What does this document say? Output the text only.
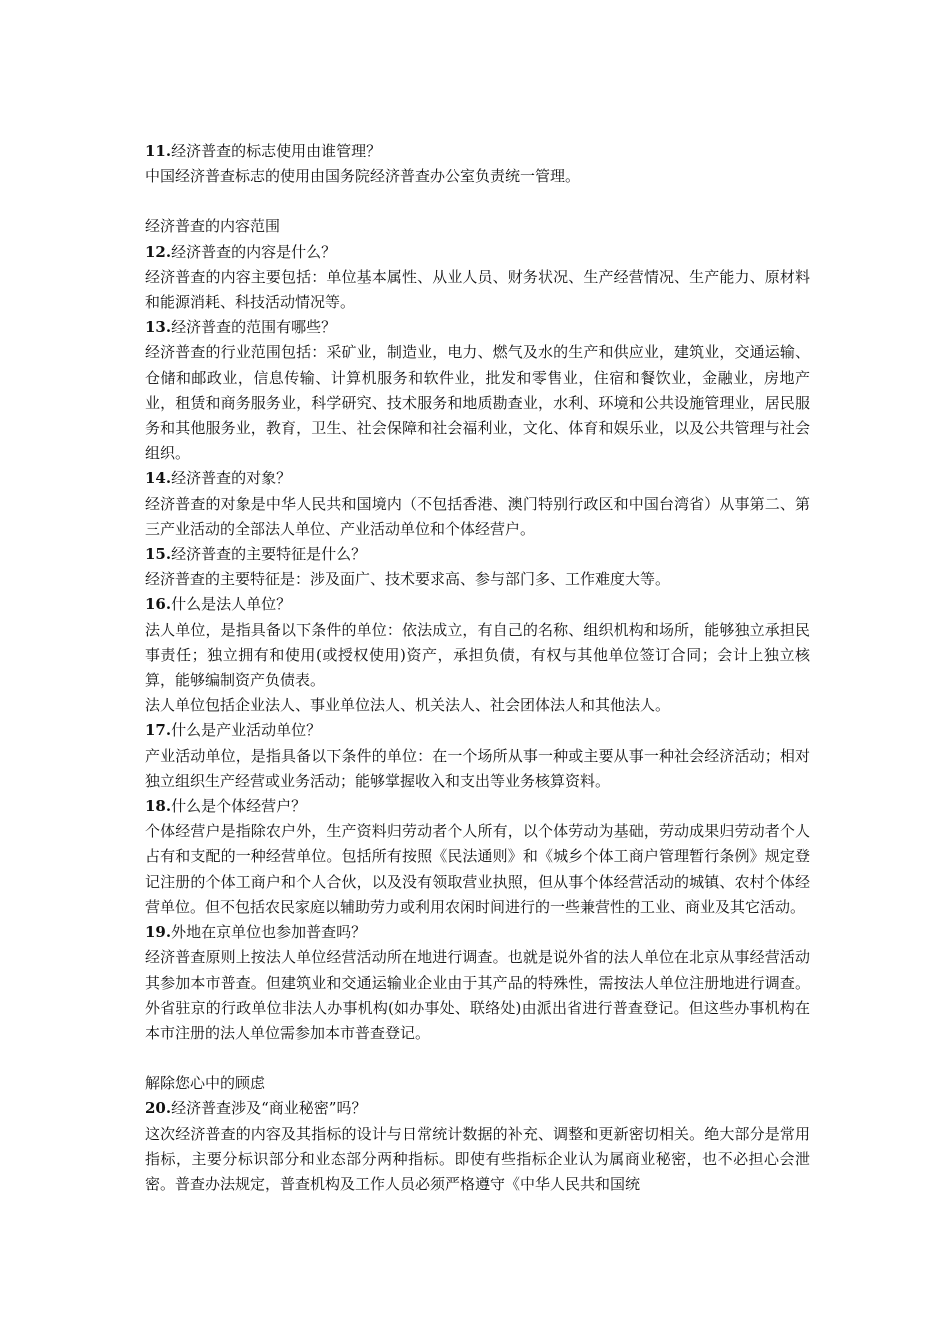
11.经济普查的标志使用由谁管理？

中国经济普查标志的使用由国务院经济普查办公室负责统一管理。

经济普查的内容范围

12.经济普查的内容是什么？

经济普查的内容主要包括：单位基本属性、从业人员、财务状况、生产经营情况、生产能力、原材料和能源消耗、科技活动情况等。

13.经济普查的范围有哪些？

经济普查的行业范围包括：采矿业，制造业，电力、燃气及水的生产和供应业，建筑业，交通运输、仓储和邮政业，信息传输、计算机服务和软件业，批发和零售业，住宿和餐饮业，金融业，房地产业，租赁和商务服务业，科学研究、技术服务和地质勘查业，水利、环境和公共设施管理业，居民服务和其他服务业，教育，卫生、社会保障和社会福利业，文化、体育和娱乐业，以及公共管理与社会组织。

14.经济普查的对象？

经济普查的对象是中华人民共和国境内（不包括香港、澳门特别行政区和中国台湾省）从事第二、第三产业活动的全部法人单位、产业活动单位和个体经营户。

15.经济普查的主要特征是什么？

经济普查的主要特征是：涉及面广、技术要求高、参与部门多、工作难度大等。

16.什么是法人单位？

法人单位，是指具备以下条件的单位：依法成立，有自己的名称、组织机构和场所，能够独立承担民事责任；独立拥有和使用(或授权使用)资产，承担负债，有权与其他单位签订合同；会计上独立核算，能够编制资产负债表。

法人单位包括企业法人、事业单位法人、机关法人、社会团体法人和其他法人。

17.什么是产业活动单位？

产业活动单位，是指具备以下条件的单位：在一个场所从事一种或主要从事一种社会经济活动；相对独立组织生产经营或业务活动；能够掌握收入和支出等业务核算资料。

18.什么是个体经营户？

个体经营户是指除农户外，生产资料归劳动者个人所有，以个体劳动为基础，劳动成果归劳动者个人占有和支配的一种经营单位。包括所有按照《民法通则》和《城乡个体工商户管理暂行条例》规定登记注册的个体工商户和个人合伙，以及没有领取营业执照，但从事个体经营活动的城镇、农村个体经营单位。但不包括农民家庭以辅助劳力或利用农闲时间进行的一些兼营性的工业、商业及其它活动。

19.外地在京单位也参加普查吗？

经济普查原则上按法人单位经营活动所在地进行调查。也就是说外省的法人单位在北京从事经营活动其参加本市普查。但建筑业和交通运输业企业由于其产品的特殊性，需按法人单位注册地进行调查。外省驻京的行政单位非法人办事机构(如办事处、联络处)由派出省进行普查登记。但这些办事机构在本市注册的法人单位需参加本市普查登记。

解除您心中的顾虑

20.经济普查涉及“商业秘密”吗？

这次经济普查的内容及其指标的设计与日常统计数据的补充、调整和更新密切相关。绝大部分是常用指标，主要分标识部分和业态部分两种指标。即使有些指标企业认为属商业秘密，也不必担心会泄密。普查办法规定，普查机构及工作人员必须严格遵守《中华人民共和国统
